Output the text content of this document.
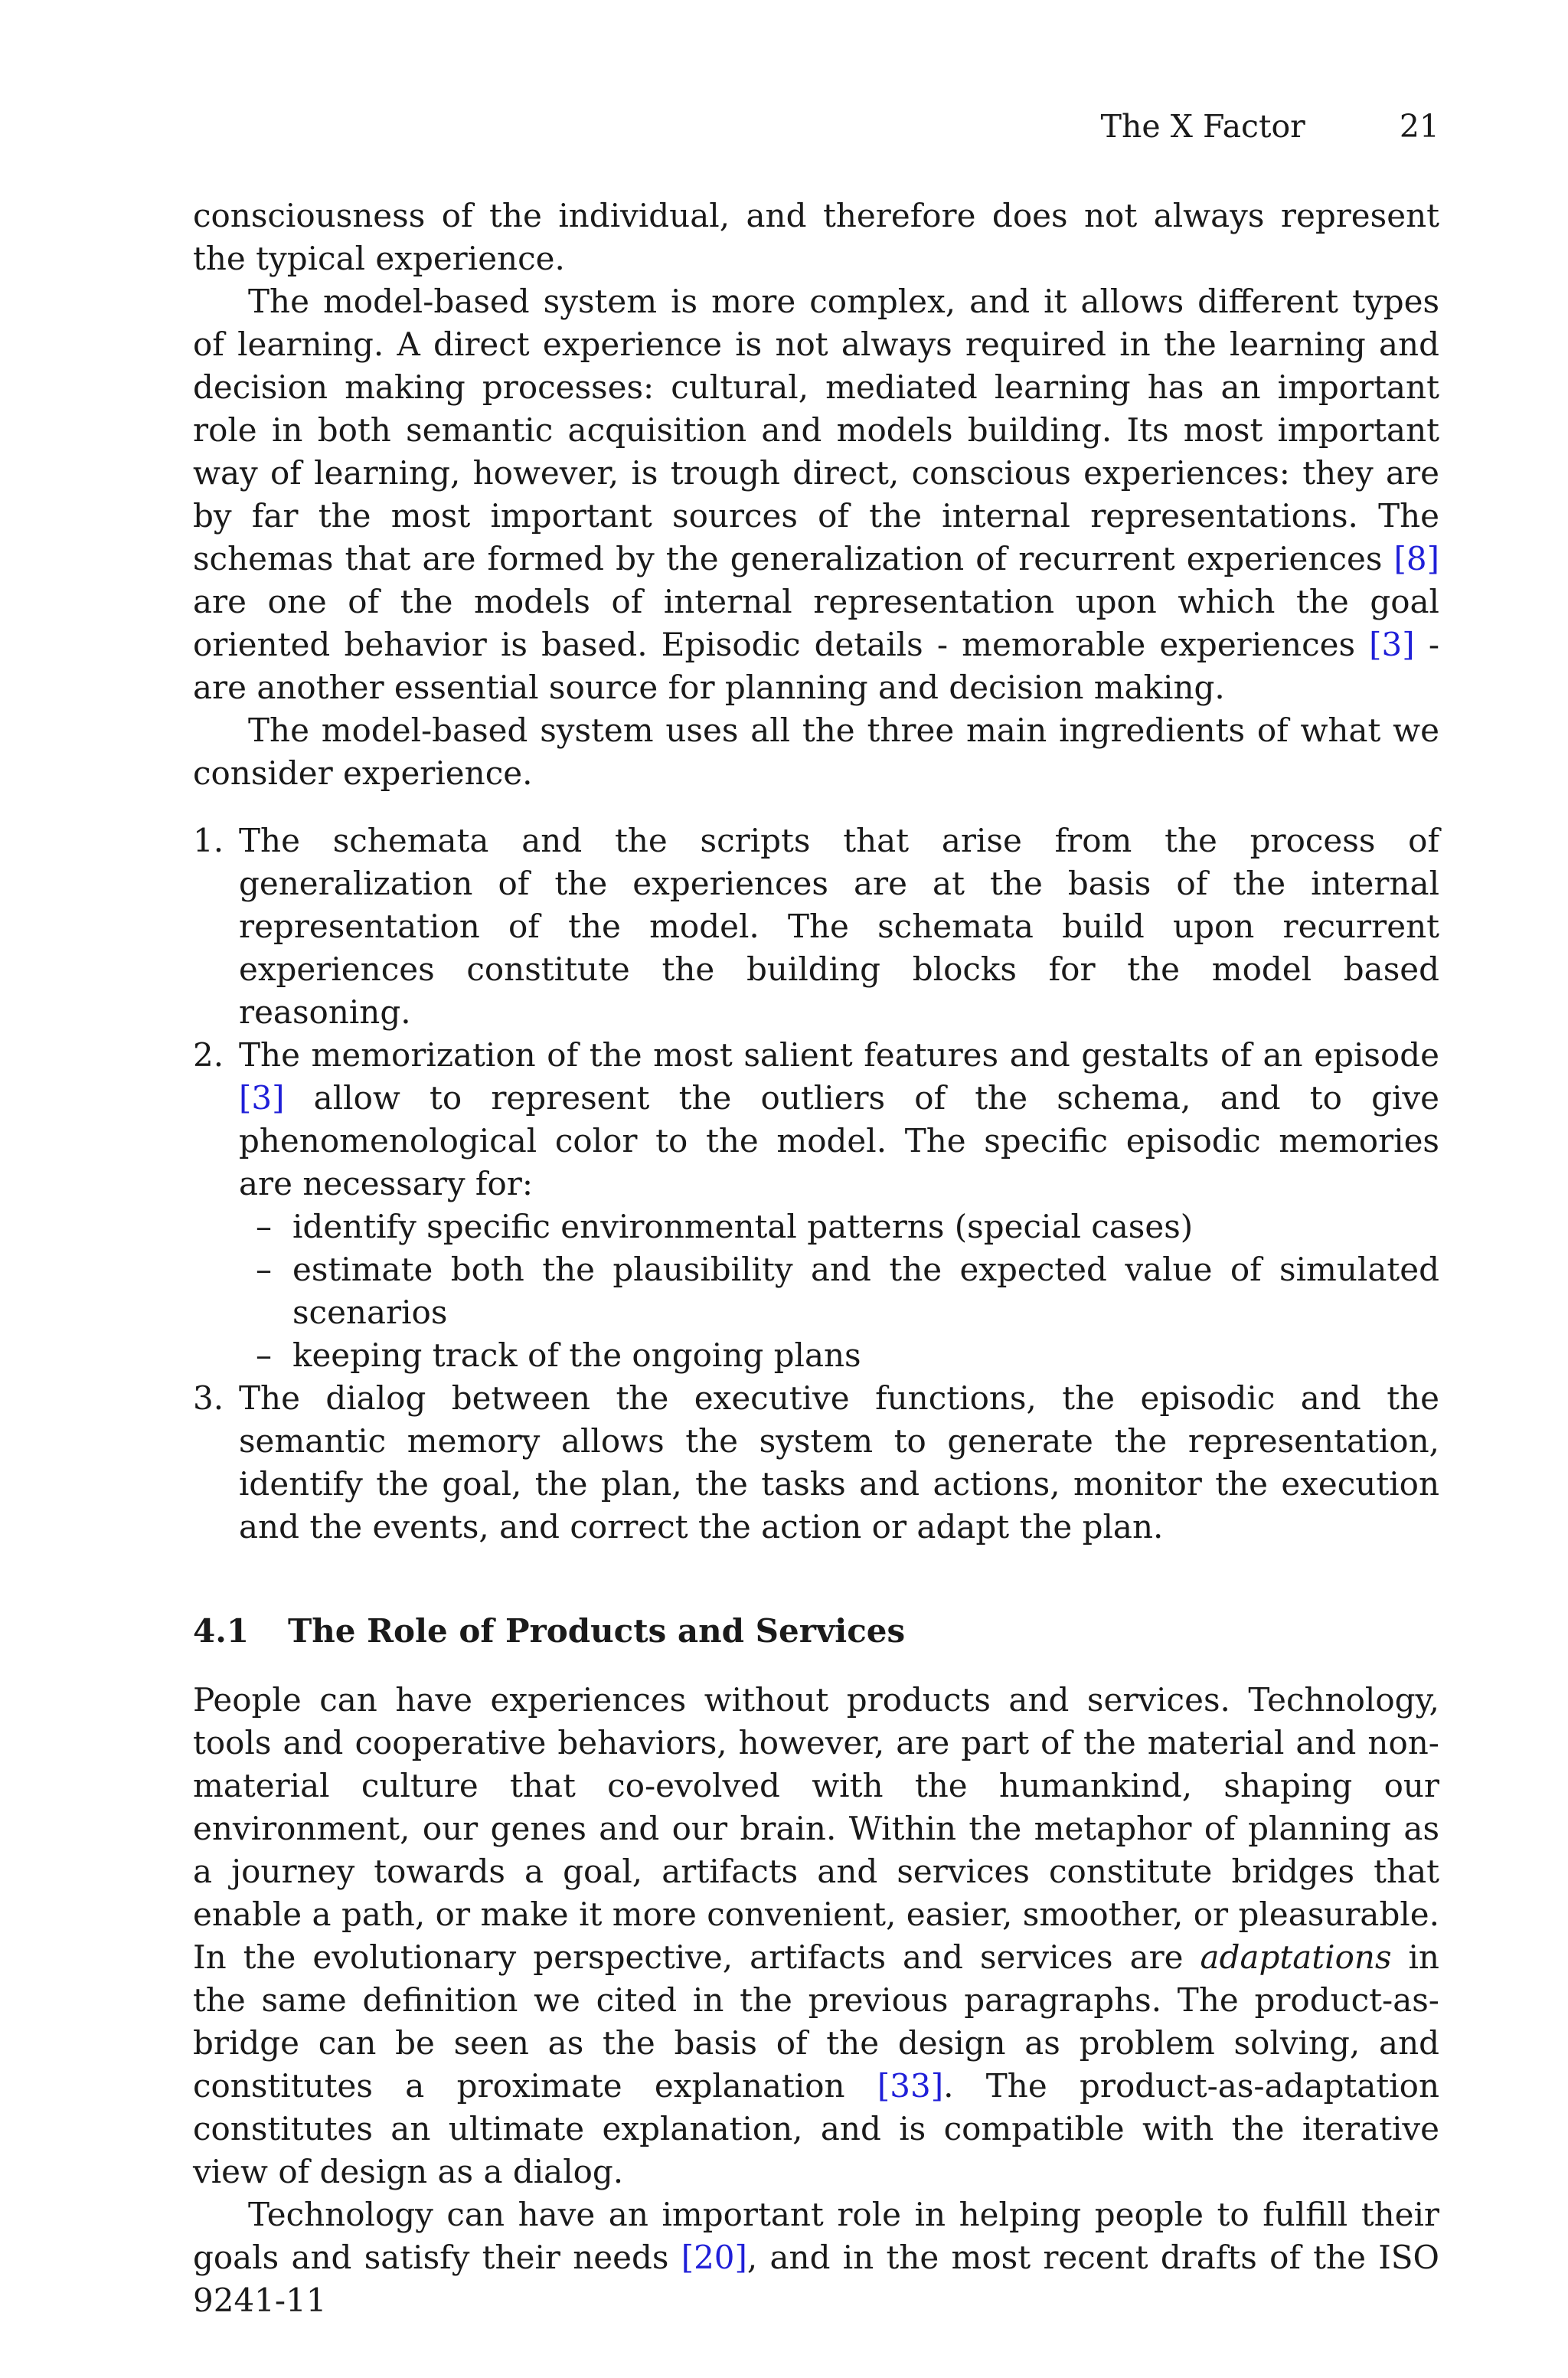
The X Factor	21

consciousness of the individual, and therefore does not always represent the typical experience.

The model-based system is more complex, and it allows different types of learning. A direct experience is not always required in the learning and decision making processes: cultural, mediated learning has an important role in both semantic acquisition and models building. Its most important way of learning, however, is trough direct, conscious experiences: they are by far the most important sources of the internal representations. The schemas that are formed by the generalization of recurrent experiences [8] are one of the models of internal representation upon which the goal oriented behavior is based. Episodic details - memorable experiences [3] - are another essential source for planning and decision making.

The model-based system uses all the three main ingredients of what we consider experience.

1. The schemata and the scripts that arise from the process of generalization of the experiences are at the basis of the internal representation of the model. The schemata build upon recurrent experiences constitute the building blocks for the model based reasoning.
2. The memorization of the most salient features and gestalts of an episode [3] allow to represent the outliers of the schema, and to give phenomenological color to the model. The specific episodic memories are necessary for:
– identify specific environmental patterns (special cases)
– estimate both the plausibility and the expected value of simulated scenarios
– keeping track of the ongoing plans
3. The dialog between the executive functions, the episodic and the semantic memory allows the system to generate the representation, identify the goal, the plan, the tasks and actions, monitor the execution and the events, and correct the action or adapt the plan.
4.1 The Role of Products and Services

People can have experiences without products and services. Technology, tools and cooperative behaviors, however, are part of the material and non-material culture that co-evolved with the humankind, shaping our environment, our genes and our brain. Within the metaphor of planning as a journey towards a goal, artifacts and services constitute bridges that enable a path, or make it more convenient, easier, smoother, or pleasurable. In the evolutionary perspective, artifacts and services are adaptations in the same definition we cited in the previous paragraphs. The product-as-bridge can be seen as the basis of the design as problem solving, and constitutes a proximate explanation [33]. The product-as-adaptation constitutes an ultimate explanation, and is compatible with the iterative view of design as a dialog.

Technology can have an important role in helping people to fulfill their goals and satisfy their needs [20], and in the most recent drafts of the ISO 9241-11
